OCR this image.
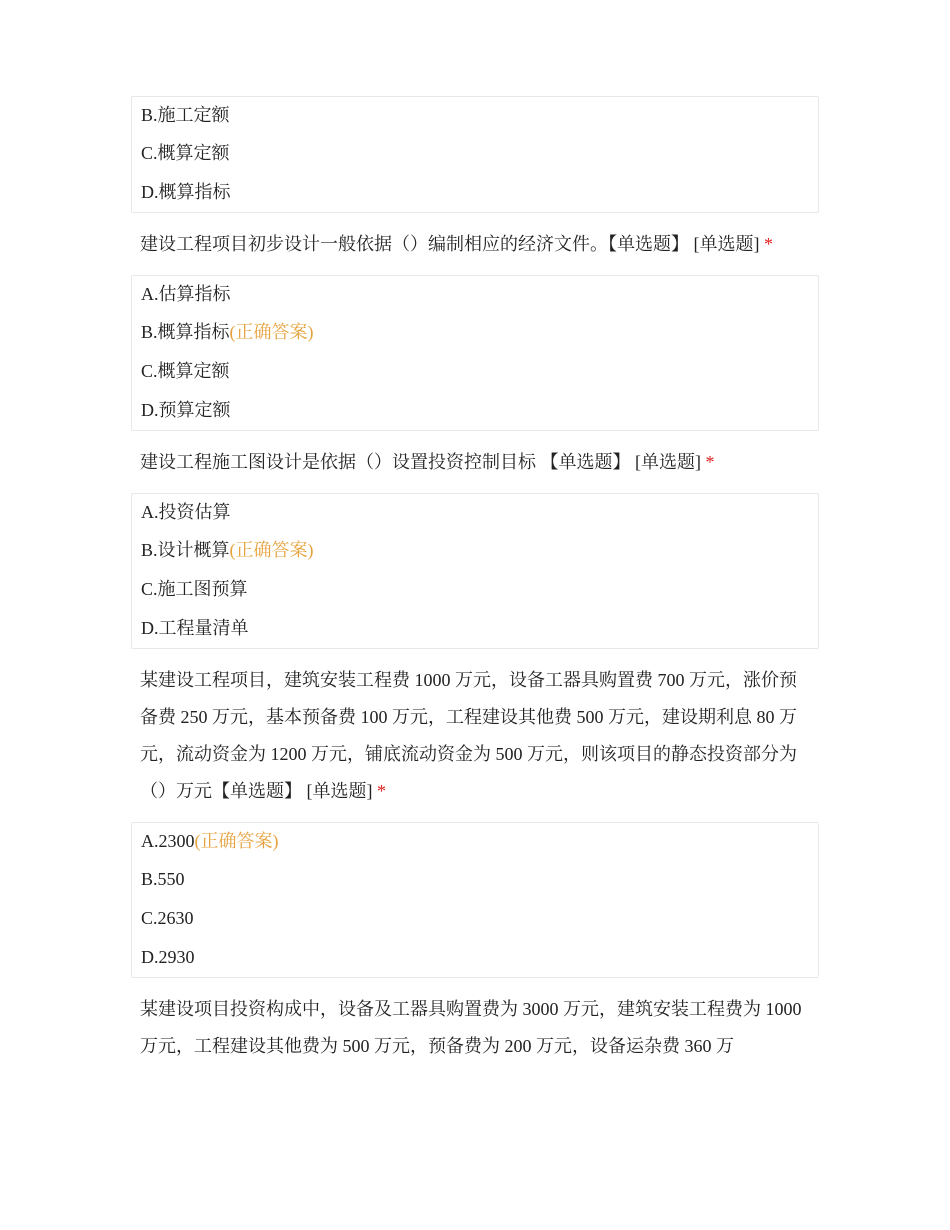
B.施工定额
C.概算定额
D.概算指标
建设工程项目初步设计一般依据（）编制相应的经济文件。【单选题】 [单选题] *
A.估算指标
B.概算指标(正确答案)
C.概算定额
D.预算定额
建设工程施工图设计是依据（）设置投资控制目标 【单选题】 [单选题] *
A.投资估算
B.设计概算(正确答案)
C.施工图预算
D.工程量清单
某建设工程项目，建筑安装工程费 1000 万元，设备工器具购置费 700 万元，涨价预备费 250 万元，基本预备费 100 万元，工程建设其他费 500 万元，建设期利息 80 万元，流动资金为 1200 万元，铺底流动资金为 500 万元，则该项目的静态投资部分为（）万元【单选题】 [单选题] *
A.2300(正确答案)
B.550
C.2630
D.2930
某建设项目投资构成中，设备及工器具购置费为 3000 万元，建筑安装工程费为 1000 万元，工程建设其他费为 500 万元，预备费为 200 万元，设备运杂费 360 万
